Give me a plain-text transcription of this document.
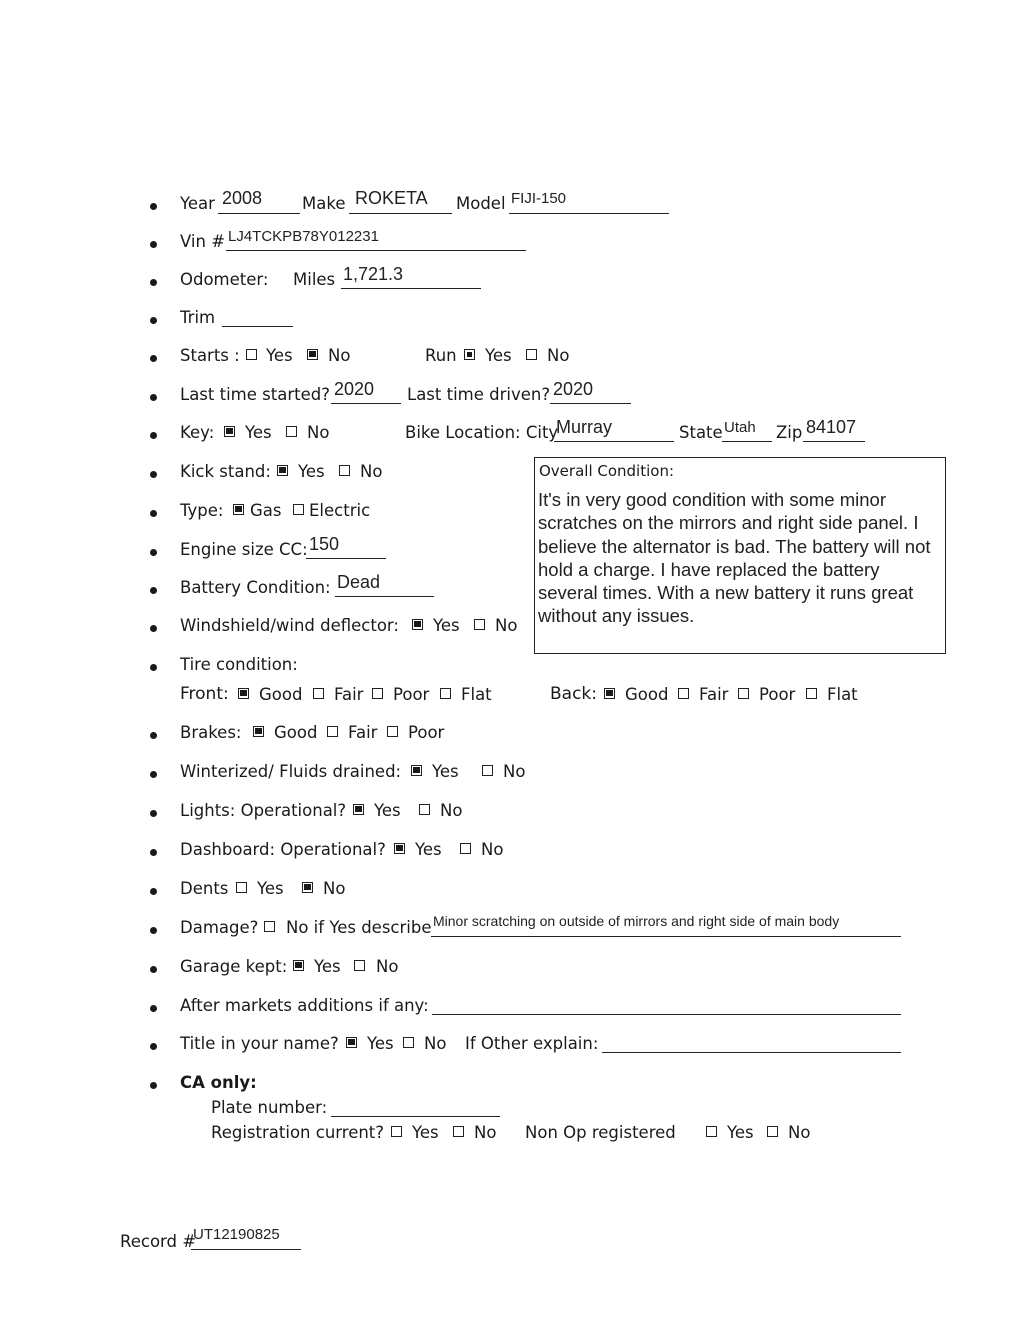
Year 2008 Make ROKETA Model FIJI-150
Vin # LJ4TCKPB78Y012231
Odometer: Miles 1,721.3
Trim
Starts : Yes No	Run Yes No
Last time started? 2020 Last time driven? 2020
Key: Yes No	Bike Location: City
Murray	State Utah Zip 84107
Kick stand: Yes No	Overall Condition:
It's in very good condition with some minor scratches on the mirrors and right side panel. I believe the alternator is bad. The battery will not hold a charge. I have replaced the battery several times. With a new battery it runs great without any issues.
Type: Gas Electric
Engine size CC: 150
Battery Condition: Dead
Windshield/wind deflector: Yes No
Tire condition:
Front: Good Fair Poor Flat	Back: Good Fair Poor Flat
Brakes: Good Fair Poor
Winterized/ Fluids drained: Yes	No
Lights: Operational? Yes No
Dashboard: Operational? Yes No
Dents Yes No
Damage? No if Yes describe Minor scratching on outside of mirrors and right side of main body
Garage kept: Yes No
After markets additions if any:
Title in your name? Yes No If Other explain:
CA only:
Plate number:
Registration current? Yes No Non Op registered	Yes No
Record #
UT12190825
